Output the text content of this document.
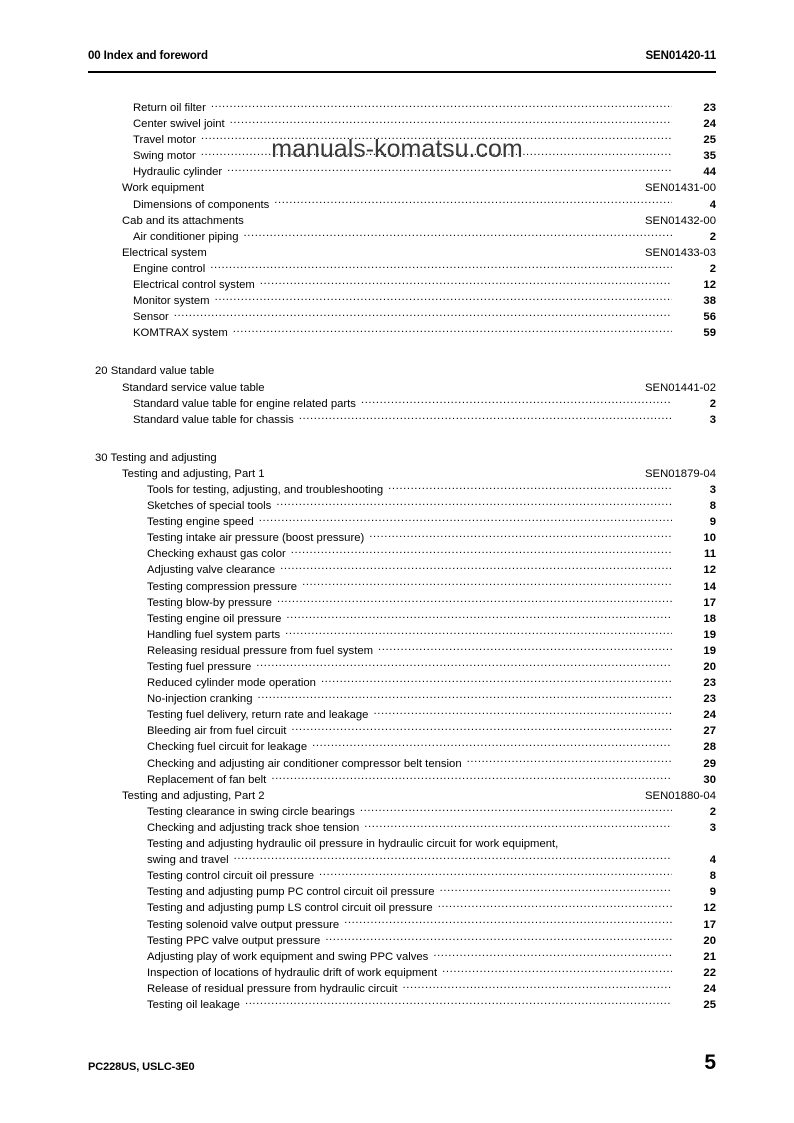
00 Index and foreword	SEN01420-11
Return oil filter .....	23
Center swivel joint .....	24
Travel motor .....	25
Swing motor .....	35
Hydraulic cylinder .....	44
Work equipment	SEN01431-00
Dimensions of components .....	4
Cab and its attachments	SEN01432-00
Air conditioner piping .....	2
Electrical system	SEN01433-03
Engine control .....	2
Electrical control system .....	12
Monitor system .....	38
Sensor .....	56
KOMTRAX system .....	59
20 Standard value table
Standard service value table	SEN01441-02
Standard value table for engine related parts .....	2
Standard value table for chassis .....	3
30 Testing and adjusting
Testing and adjusting, Part 1	SEN01879-04
Tools for testing, adjusting, and troubleshooting .....	3
Sketches of special tools .....	8
Testing engine speed .....	9
Testing intake air pressure (boost pressure) .....	10
Checking exhaust gas color .....	11
Adjusting valve clearance .....	12
Testing compression pressure .....	14
Testing blow-by pressure .....	17
Testing engine oil pressure .....	18
Handling fuel system parts .....	19
Releasing residual pressure from fuel system .....	19
Testing fuel pressure .....	20
Reduced cylinder mode operation .....	23
No-injection cranking .....	23
Testing fuel delivery, return rate and leakage .....	24
Bleeding air from fuel circuit .....	27
Checking fuel circuit for leakage .....	28
Checking and adjusting air conditioner compressor belt tension .....	29
Replacement of fan belt .....	30
Testing and adjusting, Part 2	SEN01880-04
Testing clearance in swing circle bearings .....	2
Checking and adjusting track shoe tension .....	3
Testing and adjusting hydraulic oil pressure in hydraulic circuit for work equipment,
swing and travel .....	4
Testing control circuit oil pressure .....	8
Testing and adjusting pump PC control circuit oil pressure .....	9
Testing and adjusting pump LS control circuit oil pressure .....	12
Testing solenoid valve output pressure .....	17
Testing PPC valve output pressure .....	20
Adjusting play of work equipment and swing PPC valves .....	21
Inspection of locations of hydraulic drift of work equipment .....	22
Release of residual pressure from hydraulic circuit .....	24
Testing oil leakage .....	25
manuals-komatsu.com
PC228US, USLC-3E0	5
